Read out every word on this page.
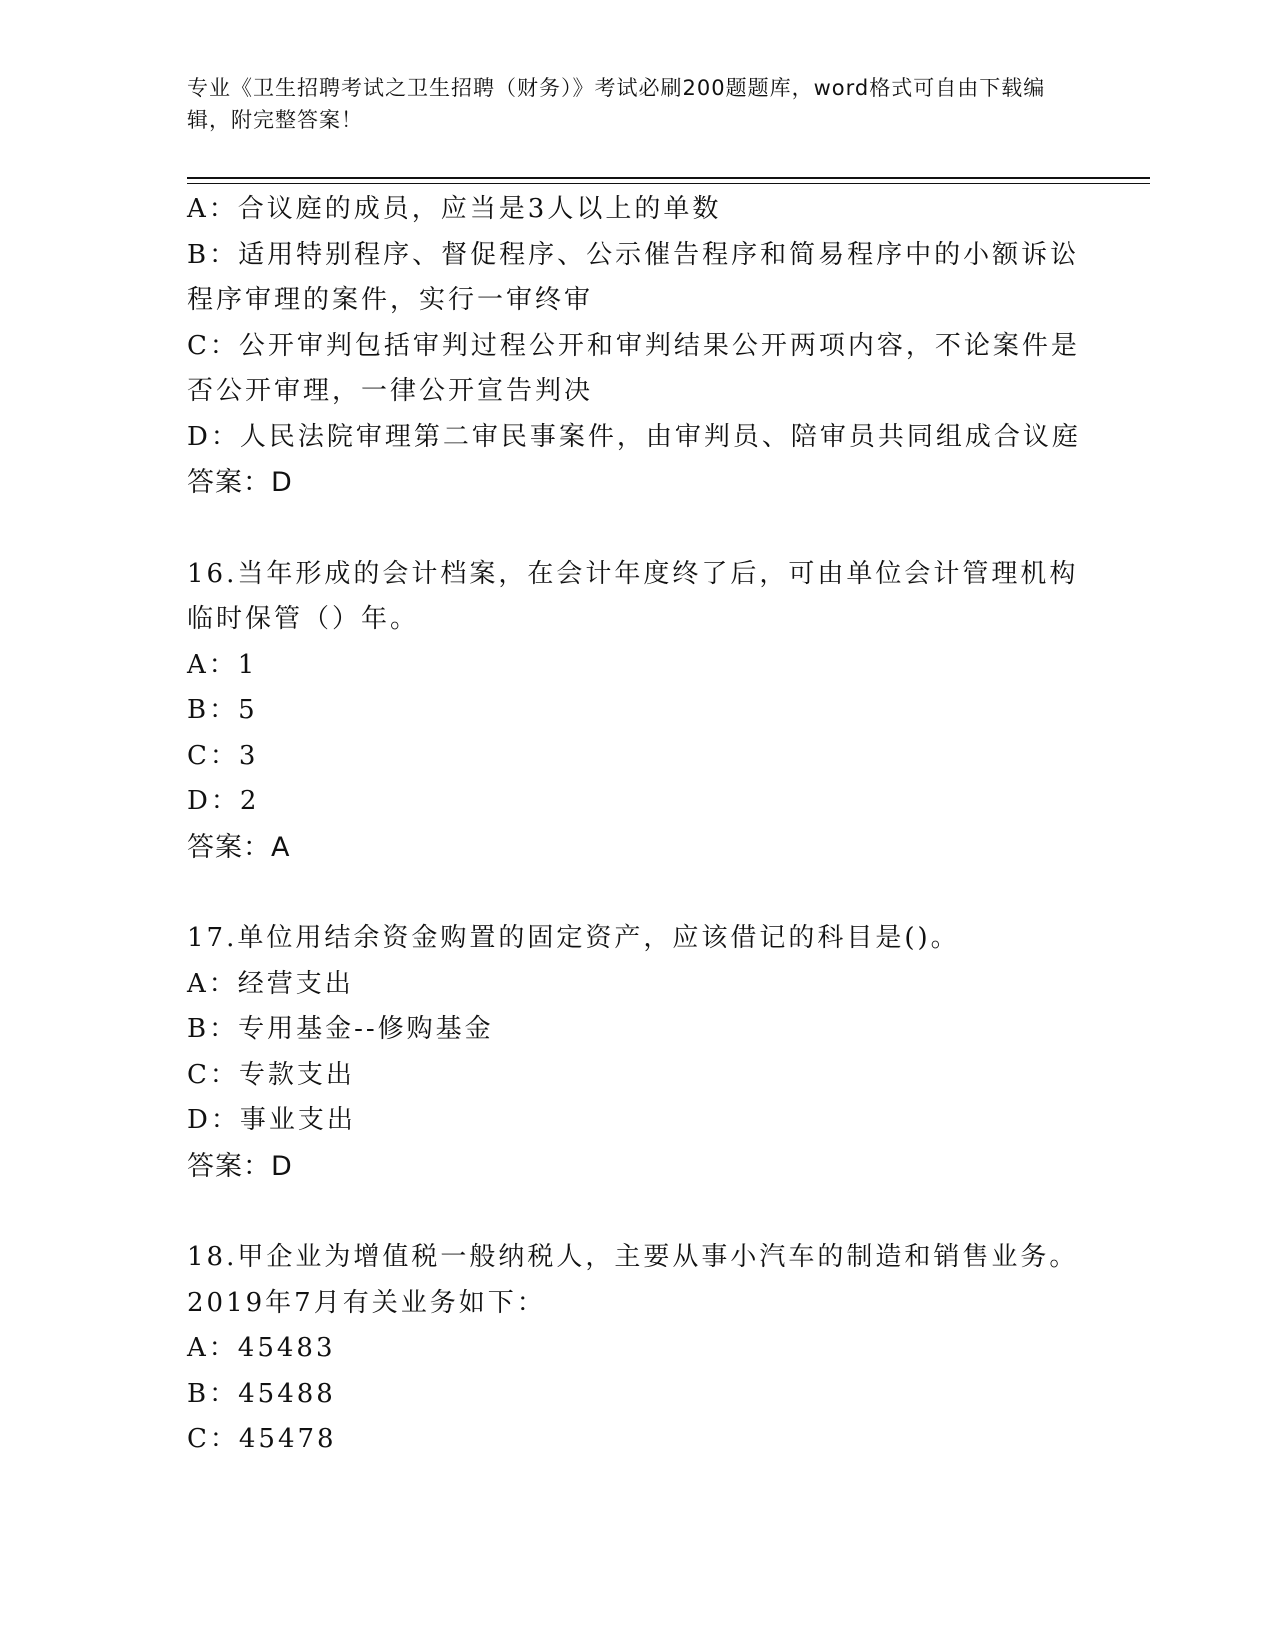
专业《卫生招聘考试之卫生招聘（财务）》考试必刷200题题库，word格式可自由下载编辑，附完整答案！

A：合议庭的成员，应当是3人以上的单数

B：适用特别程序、督促程序、公示催告程序和简易程序中的小额诉讼程序审理的案件，实行一审终审

C：公开审判包括审判过程公开和审判结果公开两项内容，不论案件是否公开审理，一律公开宣告判决

D：人民法院审理第二审民事案件，由审判员、陪审员共同组成合议庭

答案：D

16.当年形成的会计档案，在会计年度终了后，可由单位会计管理机构临时保管（）年。

A：1

B：5

C：3

D：2

答案：A

17.单位用结余资金购置的固定资产，应该借记的科目是()。

A：经营支出

B：专用基金--修购基金

C：专款支出

D：事业支出

答案：D

18.甲企业为增值税一般纳税人，主要从事小汽车的制造和销售业务。2019年7月有关业务如下：

A：45483

B：45488

C：45478
